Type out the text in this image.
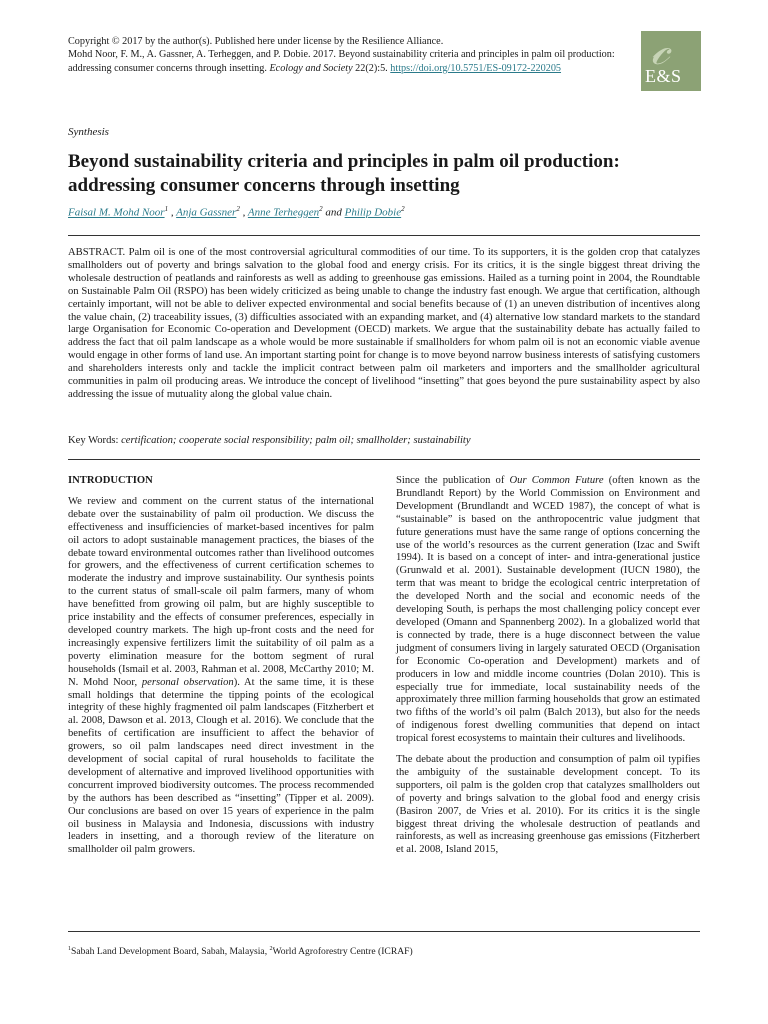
Copyright © 2017 by the author(s). Published here under license by the Resilience Alliance.
Mohd Noor, F. M., A. Gassner, A. Terheggen, and P. Dobie. 2017. Beyond sustainability criteria and principles in palm oil production: addressing consumer concerns through insetting. Ecology and Society 22(2):5. https://doi.org/10.5751/ES-09172-220205	𝒸
E&S
Synthesis
Beyond sustainability criteria and principles in palm oil production: addressing consumer concerns through insetting
Faisal M. Mohd Noor$^1$ , Anja Gassner$^2$ , Anne Terheggen$^2$ and Philip Dobie$^2$

ABSTRACT. Palm oil is one of the most controversial agricultural commodities of our time. To its supporters, it is the golden crop that catalyzes smallholders out of poverty and brings salvation to the global food and energy crisis. For its critics, it is the single biggest threat driving the wholesale destruction of peatlands and rainforests as well as adding to greenhouse gas emissions. Hailed as a turning point in 2004, the Roundtable on Sustainable Palm Oil (RSPO) has been widely criticized as being unable to change the industry fast enough. We argue that certification, although certainly important, will not be able to deliver expected environmental and social benefits because of (1) an uneven distribution of incentives along the value chain, (2) traceability issues, (3) difficulties associated with an expanding market, and (4) alternative low standard markets to the standard large Organisation for Economic Co-operation and Development (OECD) markets. We argue that the sustainability debate has actually failed to address the fact that oil palm landscape as a whole would be more sustainable if smallholders for whom palm oil is not an economic viable avenue would engage in other forms of land use. An important starting point for change is to move beyond narrow business interests of satisfying customers and shareholders interests only and tackle the implicit contract between palm oil marketers and importers and the smallholder agricultural communities in palm oil producing areas. We introduce the concept of livelihood “insetting” that goes beyond the pure sustainability aspect by also addressing the issue of mutuality along the global value chain.

Key Words: certification; cooperate social responsibility; palm oil; smallholder; sustainability

INTRODUCTION

We review and comment on the current status of the international debate over the sustainability of palm oil production. We discuss the effectiveness and insufficiencies of market-based incentives for palm oil actors to adopt sustainable management practices, the biases of the debate toward environmental outcomes rather than livelihood outcomes for growers, and the effectiveness of current certification schemes to moderate the industry and improve sustainability. Our synthesis points to the current status of small-scale oil palm farmers, many of whom have benefitted from growing oil palm, but are highly susceptible to price instability and the effects of consumer preferences, especially in developed country markets. The high up-front costs and the need for increasingly expensive fertilizers limit the suitability of oil palm as a poverty elimination measure for the bottom segment of rural households (Ismail et al. 2003, Rahman et al. 2008, McCarthy 2010; M. N. Mohd Noor, personal observation). At the same time, it is these small holdings that determine the tipping points of the ecological integrity of these highly fragmented oil palm landscapes (Fitzherbert et al. 2008, Dawson et al. 2013, Clough et al. 2016). We conclude that the benefits of certification are insufficient to affect the behavior of growers, so oil palm landscapes need direct investment in the development of social capital of rural households to facilitate the development of alternative and improved livelihood opportunities with concurrent improved biodiversity outcomes. The process recommended by the authors has been described as “insetting” (Tipper et al. 2009). Our conclusions are based on over 15 years of experience in the palm oil business in Malaysia and Indonesia, discussions with industry leaders in insetting, and a thorough review of the literature on smallholder oil palm growers.

Since the publication of Our Common Future (often known as the Brundlandt Report) by the World Commission on Environment and Development (Brundlandt and WCED 1987), the concept of what is “sustainable” is based on the anthropocentric value judgment that future generations must have the same range of options concerning the use of the world’s resources as the current generation (Izac and Swift 1994). It is based on a concept of inter- and intra-generational justice (Grunwald et al. 2001). Sustainable development (IUCN 1980), the term that was meant to bridge the ecological centric interpretation of the developed North and the social and economic needs of the developing South, is perhaps the most challenging policy concept ever developed (Omann and Spannenberg 2002). In a globalized world that is connected by trade, there is a huge disconnect between the value judgment of consumers living in largely saturated OECD (Organisation for Economic Co-operation and Development) markets and of producers in low and middle income countries (Dolan 2010). This is especially true for immediate, local sustainability needs of the approximately three million farming households that grow an estimated two fifths of the world’s oil palm (Balch 2013), but also for the needs of indigenous forest dwelling communities that depend on intact tropical forest ecosystems to maintain their cultures and livelihoods.

The debate about the production and consumption of palm oil typifies the ambiguity of the sustainable development concept. To its supporters, oil palm is the golden crop that catalyzes smallholders out of poverty and brings salvation to the global food and energy crisis (Basiron 2007, de Vries et al. 2010). For its critics it is the single biggest threat driving the wholesale destruction of peatlands and rainforests, as well as increasing greenhouse gas emissions (Fitzherbert et al. 2008, Island 2015,

$^1$Sabah Land Development Board, Sabah, Malaysia, $^2$World Agroforestry Centre (ICRAF)
